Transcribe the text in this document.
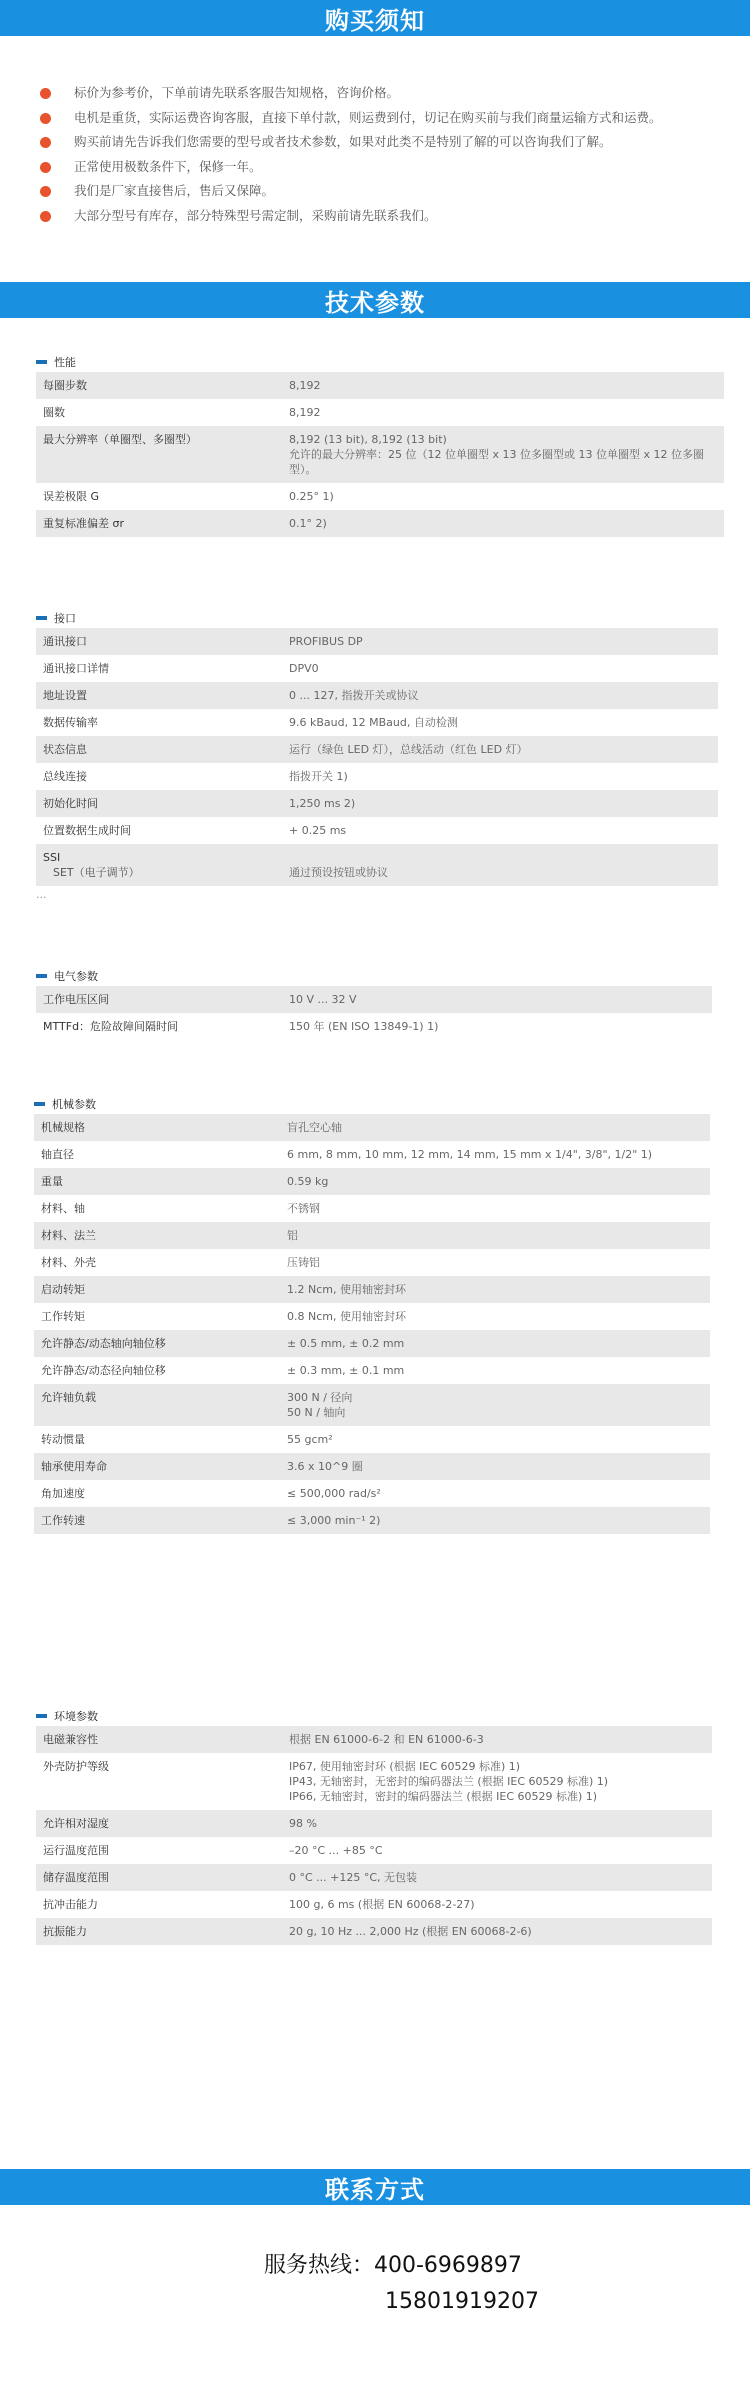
购买须知
技术参数
联系方式
标价为参考价，下单前请先联系客服告知规格，咨询价格。
电机是重货，实际运费咨询客服，直接下单付款，则运费到付，切记在购买前与我们商量运输方式和运费。
购买前请先告诉我们您需要的型号或者技术参数，如果对此类不是特别了解的可以咨询我们了解。
正常使用极数条件下，保修一年。
我们是厂家直接售后，售后又保障。
大部分型号有库存，部分特殊型号需定制，采购前请先联系我们。
性能
每圈步数	8,192
圈数	8,192
最大分辨率（单圈型、多圈型）	8,192 (13 bit), 8,192 (13 bit)
允许的最大分辨率：25 位（12 位单圈型 x 13 位多圈型或 13 位单圈型 x 12 位多圈型）。
误差极限 G	0.25° 1)
重复标准偏差 σr	0.1° 2)
接口
通讯接口	PROFIBUS DP
通讯接口详情	DPV0
地址设置	0 ... 127, 指拨开关或协议
数据传输率	9.6 kBaud, 12 MBaud, 自动检测
状态信息	运行（绿色 LED 灯），总线活动（红色 LED 灯）
总线连接	指拨开关 1)
初始化时间	1,250 ms 2)
位置数据生成时间	+ 0.25 ms
SSI
SET（电子调节）	通过预设按钮或协议
...
电气参数
工作电压区间	10 V ... 32 V
MTTFd：危险故障间隔时间	150 年 (EN ISO 13849-1) 1)
机械参数
机械规格	盲孔空心轴
轴直径	6 mm, 8 mm, 10 mm, 12 mm, 14 mm, 15 mm x 1/4", 3/8", 1/2" 1)
重量	0.59 kg
材料、轴	不锈钢
材料、法兰	铝
材料、外壳	压铸铝
启动转矩	1.2 Ncm, 使用轴密封环
工作转矩	0.8 Ncm, 使用轴密封环
允许静态/动态轴向轴位移	± 0.5 mm, ± 0.2 mm
允许静态/动态径向轴位移	± 0.3 mm, ± 0.1 mm
允许轴负载	300 N / 径向
50 N / 轴向
转动惯量	55 gcm²
轴承使用寿命	3.6 x 10^9 圈
角加速度	≤ 500,000 rad/s²
工作转速	≤ 3,000 min⁻¹ 2)
环境参数
电磁兼容性	根据 EN 61000-6-2 和 EN 61000-6-3
外壳防护等级	IP67, 使用轴密封环 (根据 IEC 60529 标准) 1)
IP43, 无轴密封，无密封的编码器法兰 (根据 IEC 60529 标准) 1)
IP66, 无轴密封，密封的编码器法兰 (根据 IEC 60529 标准) 1)
允许相对湿度	98 %
运行温度范围	–20 °C ... +85 °C
储存温度范围	0 °C ... +125 °C, 无包装
抗冲击能力	100 g, 6 ms (根据 EN 60068-2-27)
抗振能力	20 g, 10 Hz ... 2,000 Hz (根据 EN 60068-2-6)
服务热线：400-6969897
15801919207
